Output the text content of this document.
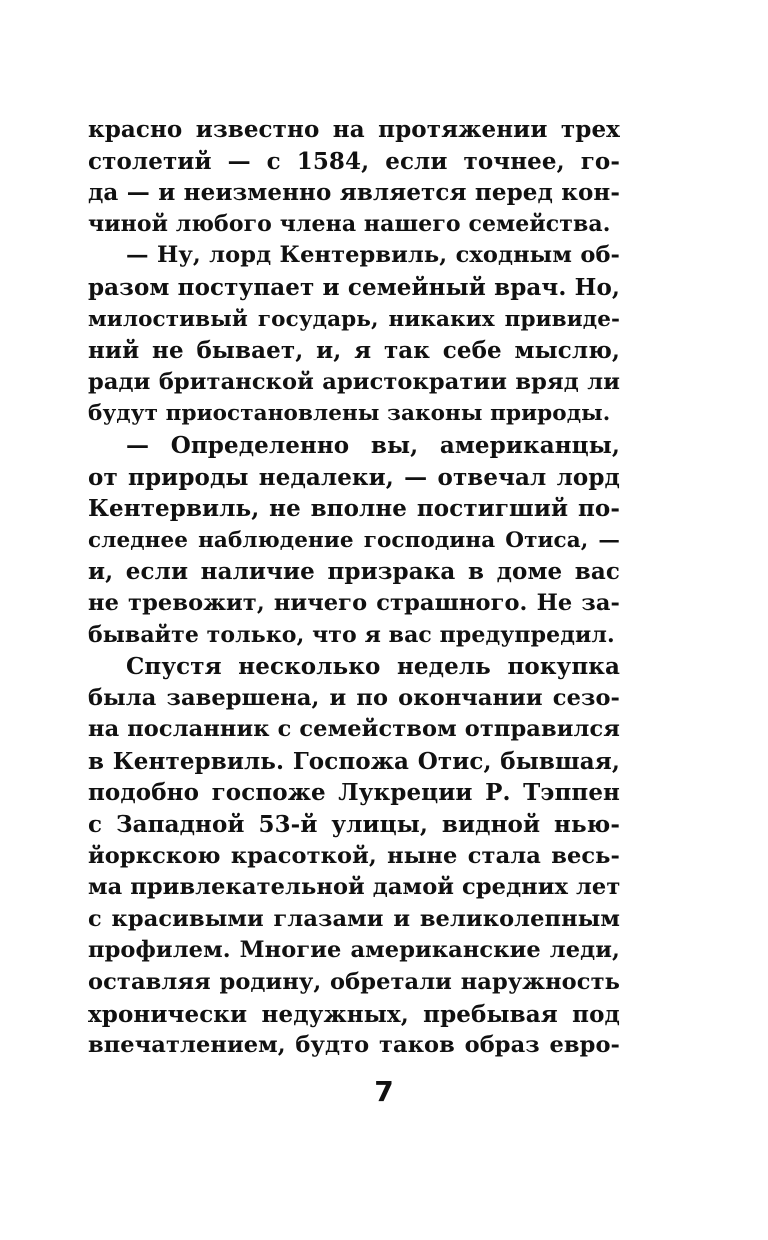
красно известно на протяжении трех
столетий — с 1584, если точнее, го-
да — и неизменно является перед кон-
чиной любого члена нашего семейства.
— Ну, лорд Кентервиль, сходным об-
разом поступает и семейный врач. Но,
милостивый государь, никаких привиде-
ний не бывает, и, я так себе мыслю,
ради британской аристократии вряд ли
будут приостановлены законы природы.
— Определенно вы, американцы,
от природы недалеки, — отвечал лорд
Кентервиль, не вполне постигший по-
следнее наблюдение господина Отиса, —
и, если наличие призрака в доме вас
не тревожит, ничего страшного. Не за-
бывайте только, что я вас предупредил.
Спустя несколько недель покупка
была завершена, и по окончании сезо-
на посланник с семейством отправился
в Кентервиль. Госпожа Отис, бывшая,
подобно госпоже Лукреции Р. Тэппен
с Западной 53-й улицы, видной нью-
йоркскою красоткой, ныне стала весь-
ма привлекательной дамой средних лет
с красивыми глазами и великолепным
профилем. Многие американские леди,
оставляя родину, обретали наружность
хронически недужных, пребывая под
впечатлением, будто таков образ евро-
7
